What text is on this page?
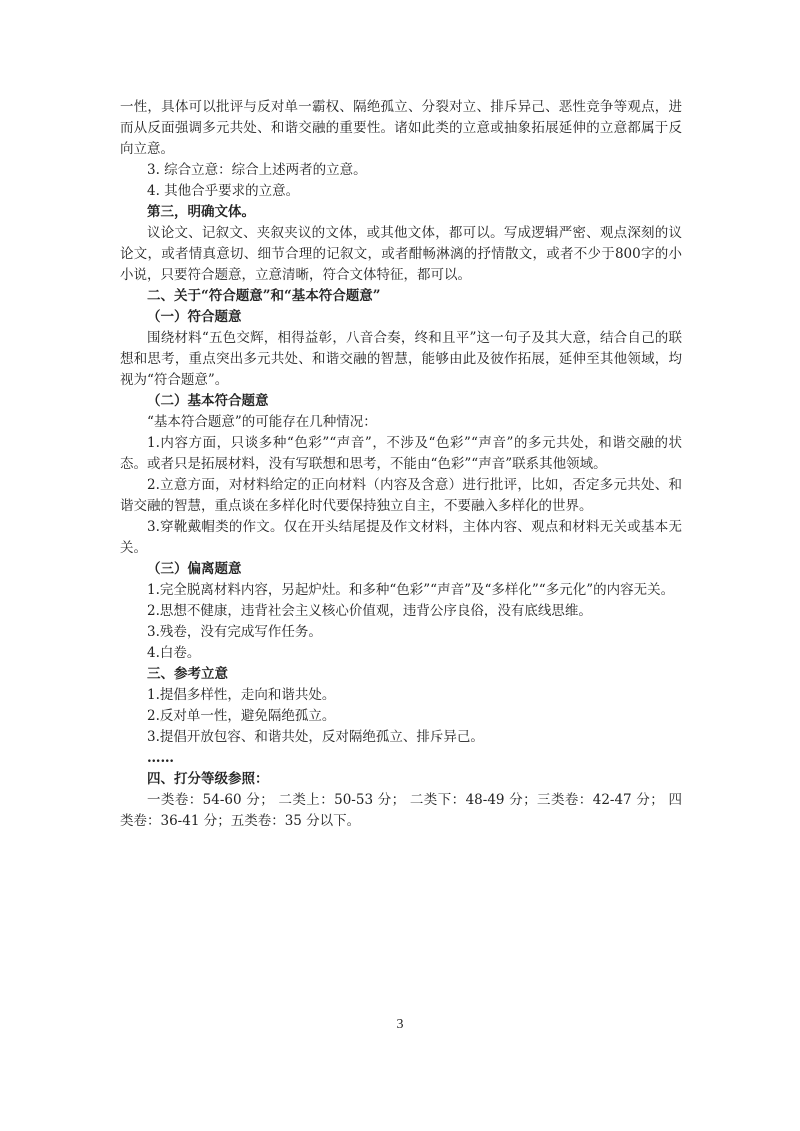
一性，具体可以批评与反对单一霸权、隔绝孤立、分裂对立、排斥异己、恶性竞争等观点，进而从反面强调多元共处、和谐交融的重要性。诸如此类的立意或抽象拓展延伸的立意都属于反向立意。

3. 综合立意：综合上述两者的立意。

4. 其他合乎要求的立意。

第三，明确文体。

议论文、记叙文、夹叙夹议的文体，或其他文体，都可以。写成逻辑严密、观点深刻的议论文，或者情真意切、细节合理的记叙文，或者酣畅淋漓的抒情散文，或者不少于800字的小小说，只要符合题意，立意清晰，符合文体特征，都可以。

二、关于“符合题意”和“基本符合题意”

（一）符合题意

围绕材料“五色交辉，相得益彰，八音合奏，终和且平”这一句子及其大意，结合自己的联想和思考，重点突出多元共处、和谐交融的智慧，能够由此及彼作拓展，延伸至其他领域，均视为“符合题意”。

（二）基本符合题意

“基本符合题意”的可能存在几种情况：

1.内容方面，只谈多种“色彩”“声音”，不涉及“色彩”“声音”的多元共处，和谐交融的状态。或者只是拓展材料，没有写联想和思考，不能由“色彩”“声音”联系其他领域。

2.立意方面，对材料给定的正向材料（内容及含意）进行批评，比如，否定多元共处、和谐交融的智慧，重点谈在多样化时代要保持独立自主，不要融入多样化的世界。

3.穿靴戴帽类的作文。仅在开头结尾提及作文材料，主体内容、观点和材料无关或基本无关。

（三）偏离题意

1.完全脱离材料内容，另起炉灶。和多种“色彩”“声音”及“多样化”“多元化”的内容无关。

2.思想不健康，违背社会主义核心价值观，违背公序良俗，没有底线思维。

3.残卷，没有完成写作任务。

4.白卷。

三、参考立意

1.提倡多样性，走向和谐共处。

2.反对单一性，避免隔绝孤立。

3.提倡开放包容、和谐共处，反对隔绝孤立、排斥异己。

……

四、打分等级参照：

一类卷：54-60 分； 二类上：50-53 分； 二类下：48-49 分；三类卷：42-47 分； 四类卷：36-41 分；五类卷：35 分以下。

3
